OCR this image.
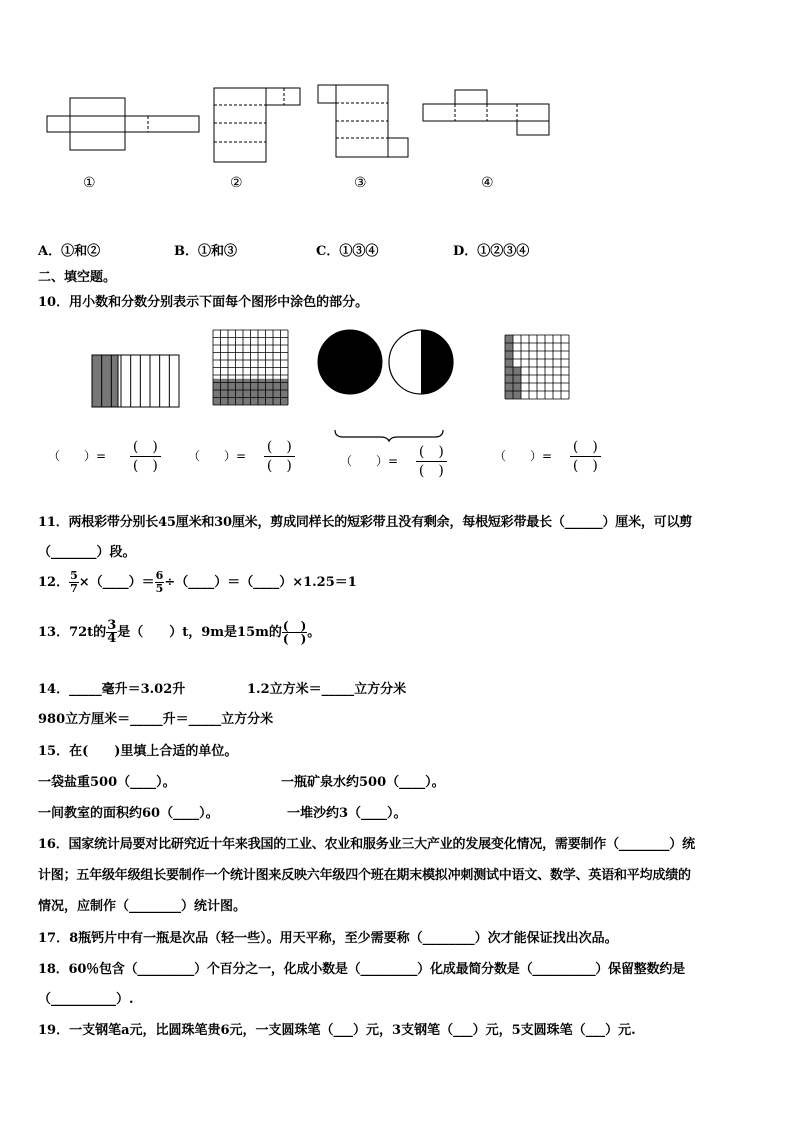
①	②	③	④
A．①和②	B．①和③	C．①③④	D．①②③④
二、填空题。
10．用小数和分数分别表示下面每个图形中涂色的部分。
（　　）= $\frac{( )}{( )}$ （　　）= $\frac{( )}{( )}$	（　　）= $\frac{( )}{( )}$	（　　）= $\frac{( )}{( )}$
11．两根彩带分别长45厘米和30厘米，剪成同样长的短彩带且没有剩余，每根短彩带最长（______）厘米，可以剪
（_______）段。
12． $\frac{5}{7}$ ×（____）＝ $\frac{6}{5}$ ÷（____）＝（____）×1.25＝1
13．72t的 $\frac{3}{4}$ 是（　　）t，9m是15m的 $\frac{( )}{( )}$ 。
14．_____毫升＝3.02升	1.2立方米＝_____立方分米
980立方厘米＝_____升＝_____立方分米
15．在(　　)里填上合适的单位。
一袋盐重500（____）。	一瓶矿泉水约500（____）。
一间教室的面积约60（____）。	一堆沙约3（____）。
16．国家统计局要对比研究近十年来我国的工业、农业和服务业三大产业的发展变化情况，需要制作（________）统
计图；五年级年级组长要制作一个统计图来反映六年级四个班在期末模拟冲刺测试中语文、数学、英语和平均成绩的
情况，应制作（________）统计图。
17．8瓶钙片中有一瓶是次品（轻一些）。用天平称，至少需要称（________）次才能保证找出次品。
18．60％包含（_________）个百分之一，化成小数是（_________）化成最简分数是（__________）保留整数约是
（__________）.
19．一支钢笔a元，比圆珠笔贵6元，一支圆珠笔（___）元，3支钢笔（___）元，5支圆珠笔（___）元.
